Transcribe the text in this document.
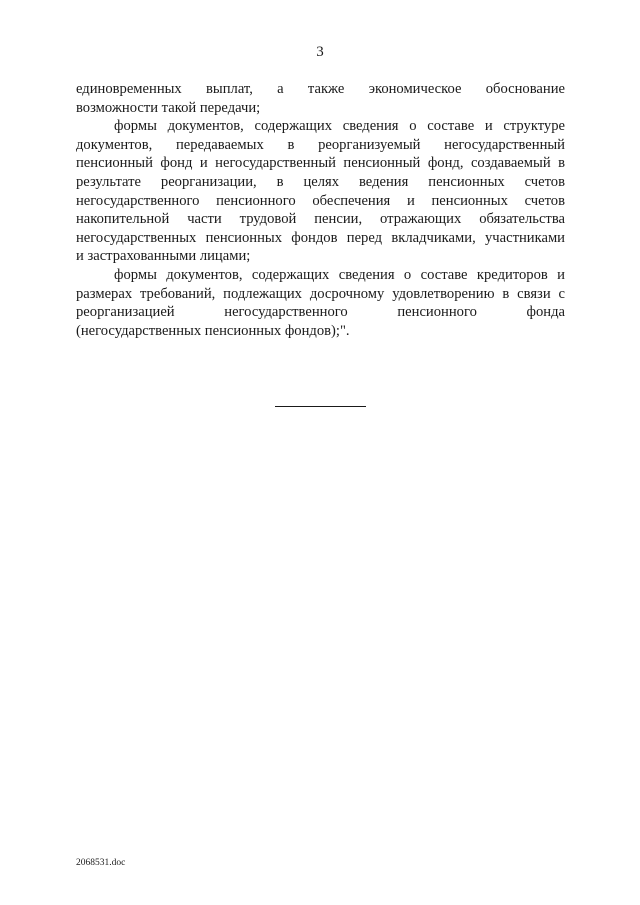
3
единовременных выплат, а также экономическое обоснование
возможности такой передачи;
формы документов, содержащих сведения о составе и структуре
документов, передаваемых в реорганизуемый негосударственный
пенсионный фонд и негосударственный пенсионный фонд, создаваемый в
результате реорганизации, в целях ведения пенсионных счетов
негосударственного пенсионного обеспечения и пенсионных счетов
накопительной части трудовой пенсии, отражающих обязательства
негосударственных пенсионных фондов перед вкладчиками, участниками
и застрахованными лицами;
формы документов, содержащих сведения о составе кредиторов и
размерах требований, подлежащих досрочному удовлетворению в связи с
реорганизацией негосударственного пенсионного фонда
(негосударственных пенсионных фондов);".
2068531.doc
